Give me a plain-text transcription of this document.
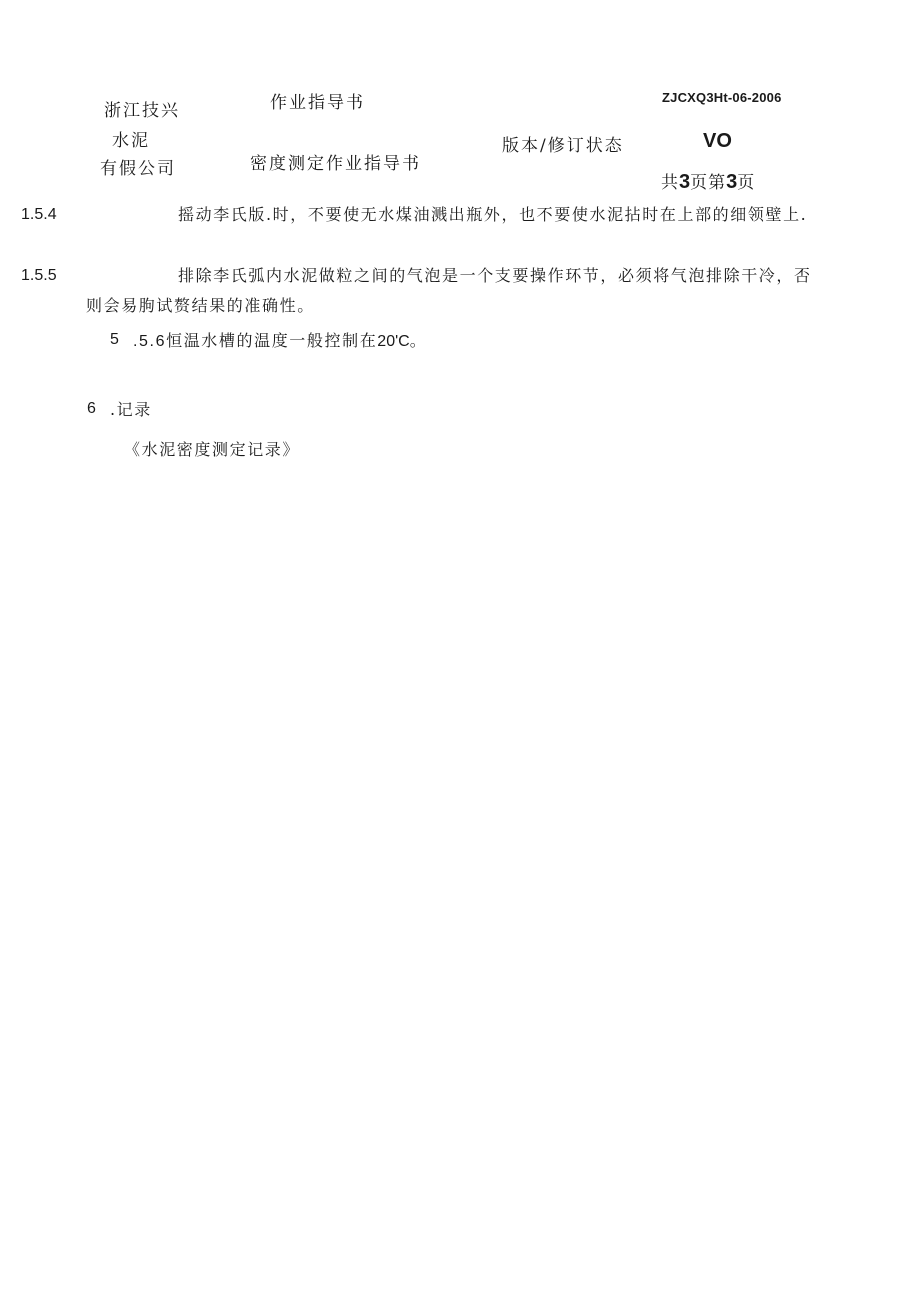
浙江技兴
水泥
有假公司
作业指导书
密度测定作业指导书
ZJCXQ3Ht-06-2006
版本/修订状态	VO
共3页第3页
1.5.4	摇动李氏版.时，不要使无水煤油溅出瓶外，也不要使水泥拈时在上部的细领壁上.
1.5.5	排除李氏弧内水泥做粒之间的气泡是一个支要操作环节，必须将气泡排除干冷，否则会易朐试赘结果的准确性。
5 .5.6恒温水槽的温度一般控制在20'C。
6 .记录
《水泥密度测定记录》
